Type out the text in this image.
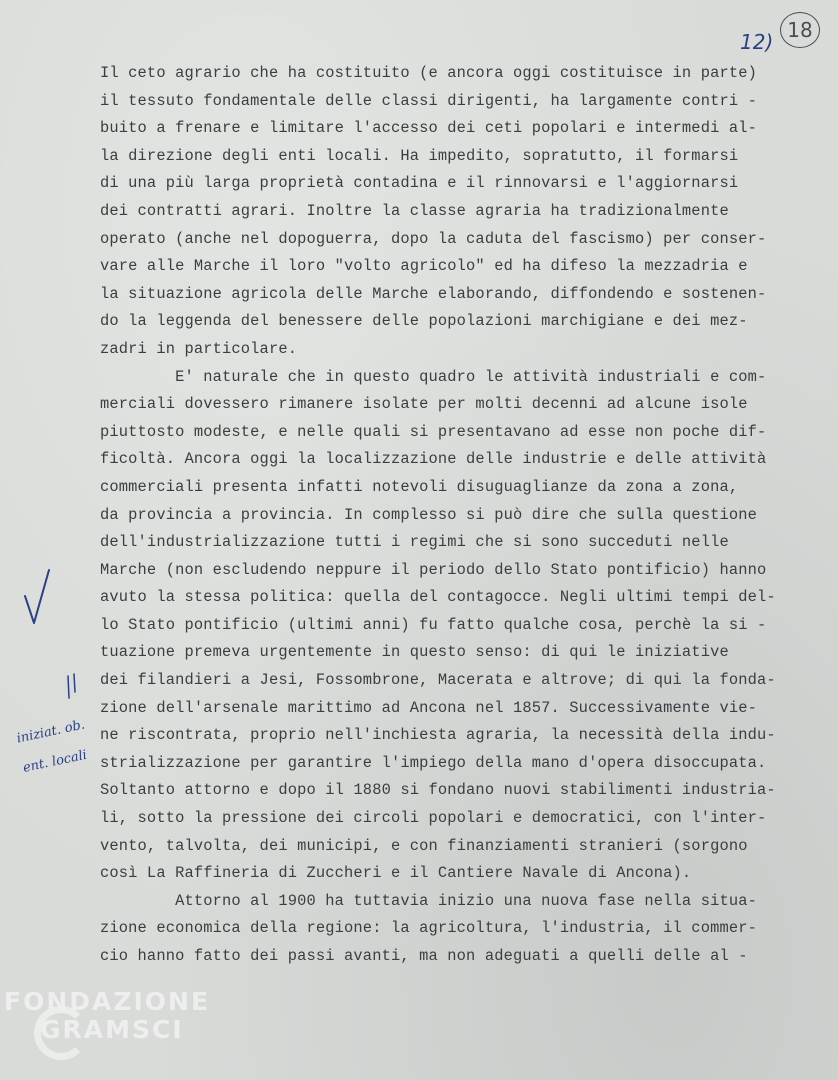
12) 18
Il ceto agrario che ha costituito (e ancora oggi costituisce in parte)
il tessuto fondamentale delle classi dirigenti, ha largamente contri -
buito a frenare e limitare l'accesso dei ceti popolari e intermedi al-
la direzione degli enti locali. Ha impedito, sopratutto, il formarsi
di una più larga proprietà contadina e il rinnovarsi e l'aggiornarsi
dei contratti agrari. Inoltre la classe agraria ha tradizionalmente
operato (anche nel dopoguerra, dopo la caduta del fascismo) per conser-
vare alle Marche il loro "volto agricolo" ed ha difeso la mezzadria e
la situazione agricola delle Marche elaborando, diffondendo e sostenen-
do la leggenda del benessere delle popolazioni marchigiane e dei mez-
zadri in particolare.
E' naturale che in questo quadro le attività industriali e com-
merciali dovessero rimanere isolate per molti decenni ad alcune isole
piuttosto modeste, e nelle quali si presentavano ad esse non poche dif-
ficoltà. Ancora oggi la localizzazione delle industrie e delle attività
commerciali presenta infatti notevoli disuguaglianze da zona a zona,
da provincia a provincia. In complesso si può dire che sulla questione
dell'industrializzazione tutti i regimi che si sono succeduti nelle
Marche (non escludendo neppure il periodo dello Stato pontificio) hanno
avuto la stessa politica: quella del contagocce. Negli ultimi tempi del-
lo Stato pontificio (ultimi anni) fu fatto qualche cosa, perchè la si -
tuazione premeva urgentemente in questo senso: di qui le iniziative
dei filandieri a Jesi, Fossombrone, Macerata e altrove; di qui la fonda-
zione dell'arsenale marittimo ad Ancona nel 1857. Successivamente vie-
ne riscontrata, proprio nell'inchiesta agraria, la necessità della indu-
strializzazione per garantire l'impiego della mano d'opera disoccupata.
Soltanto attorno e dopo il 1880 si fondano nuovi stabilimenti industria-
li, sotto la pressione dei circoli popolari e democratici, con l'inter-
vento, talvolta, dei municipi, e con finanziamenti stranieri (sorgono
così La Raffineria di Zuccheri e il Cantiere Navale di Ancona).
Attorno al 1900 ha tuttavia inizio una nuova fase nella situa-
zione economica della regione: la agricoltura, l'industria, il commer-
cio hanno fatto dei passi avanti, ma non adeguati a quelli delle al -
iniziat. ob.
ent. locali
FONDAZIONE
GRAMSCI
